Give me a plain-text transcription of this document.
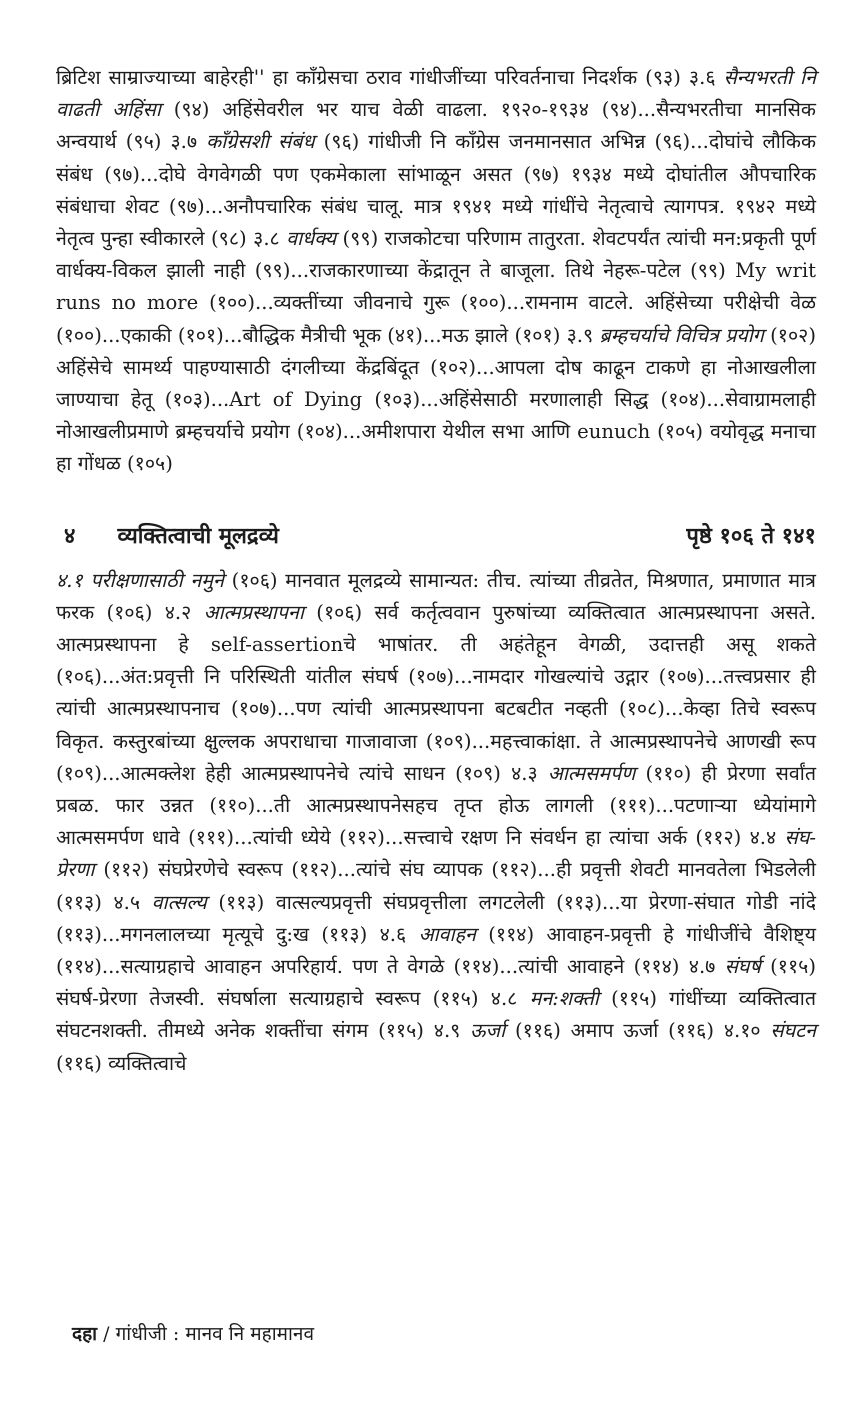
ब्रिटिश साम्राज्याच्या बाहेरही'' हा काँग्रेसचा ठराव गांधीजींच्या परिवर्तनाचा निदर्शक (९३) ३.६ सैन्यभरती नि वाढती अहिंसा (९४) अहिंसेवरील भर याच वेळी वाढला. १९२०-१९३४ (९४)...सैन्यभरतीचा मानसिक अन्वयार्थ (९५) ३.७ काँग्रेसशी संबंध (९६) गांधीजी नि काँग्रेस जनमानसात अभिन्न (९६)...दोघांचे लौकिक संबंध (९७)...दोघे वेगवेगळी पण एकमेकाला सांभाळून असत (९७) १९३४ मध्ये दोघांतील औपचारिक संबंधाचा शेवट (९७)...अनौपचारिक संबंध चालू. मात्र १९४१ मध्ये गांधींचे नेतृत्वाचे त्यागपत्र. १९४२ मध्ये नेतृत्व पुन्हा स्वीकारले (९८) ३.८ वार्धक्य (९९) राजकोटचा परिणाम तातुरता. शेवटपर्यंत त्यांची मन:प्रकृती पूर्ण वार्धक्य-विकल झाली नाही (९९)...राजकारणाच्या केंद्रातून ते बाजूला. तिथे नेहरू-पटेल (९९) My writ runs no more (१००)...व्यक्तींच्या जीवनाचे गुरू (१००)...रामनाम वाटले. अहिंसेच्या परीक्षेची वेळ (१००)...एकाकी (१०१)...बौद्धिक मैत्रीची भूक (४१)...मऊ झाले (१०१) ३.९ ब्रम्हचर्याचे विचित्र प्रयोग (१०२) अहिंसेचे सामर्थ्य पाहण्यासाठी दंगलीच्या केंद्रबिंदूत (१०२)...आपला दोष काढून टाकणे हा नोआखलीला जाण्याचा हेतू (१०३)...Art of Dying (१०३)...अहिंसेसाठी मरणालाही सिद्ध (१०४)...सेवाग्रामलाही नोआखलीप्रमाणे ब्रम्हचर्याचे प्रयोग (१०४)...अमीशपारा येथील सभा आणि eunuch (१०५) वयोवृद्ध मनाचा हा गोंधळ (१०५)

४ व्यक्तित्वाची मूलद्रव्ये	पृष्ठे १०६ ते १४१

४.१ परीक्षणासाठी नमुने (१०६) मानवात मूलद्रव्ये सामान्यत: तीच. त्यांच्या तीव्रतेत, मिश्रणात, प्रमाणात मात्र फरक (१०६) ४.२ आत्मप्रस्थापना (१०६) सर्व कर्तृत्ववान पुरुषांच्या व्यक्तित्वात आत्मप्रस्थापना असते. आत्मप्रस्थापना हे self-assertionचे भाषांतर. ती अहंतेहून वेगळी, उदात्तही असू शकते (१०६)...अंत:प्रवृत्ती नि परिस्थिती यांतील संघर्ष (१०७)...नामदार गोखल्यांचे उद्गार (१०७)...तत्त्वप्रसार ही त्यांची आत्मप्रस्थापनाच (१०७)...पण त्यांची आत्मप्रस्थापना बटबटीत नव्हती (१०८)...केव्हा तिचे स्वरूप विकृत. कस्तुरबांच्या क्षुल्लक अपराधाचा गाजावाजा (१०९)...महत्त्वाकांक्षा. ते आत्मप्रस्थापनेचे आणखी रूप (१०९)...आत्मक्लेश हेही आत्मप्रस्थापनेचे त्यांचे साधन (१०९) ४.३ आत्मसमर्पण (११०) ही प्रेरणा सर्वांत प्रबळ. फार उन्नत (११०)...ती आत्मप्रस्थापनेसहच तृप्त होऊ लागली (१११)...पटणाऱ्या ध्येयांमागे आत्मसमर्पण धावे (१११)...त्यांची ध्येये (११२)...सत्त्वाचे रक्षण नि संवर्धन हा त्यांचा अर्क (११२) ४.४ संघ-प्रेरणा (११२) संघप्रेरणेचे स्वरूप (११२)...त्यांचे संघ व्यापक (११२)...ही प्रवृत्ती शेवटी मानवतेला भिडलेली (११३) ४.५ वात्सल्य (११३) वात्सल्यप्रवृत्ती संघप्रवृत्तीला लगटलेली (११३)...या प्रेरणा-संघात गोडी नांदे (११३)...मगनलालच्या मृत्यूचे दु:ख (११३) ४.६ आवाहन (११४) आवाहन-प्रवृत्ती हे गांधीजींचे वैशिष्ट्य (११४)...सत्याग्रहाचे आवाहन अपरिहार्य. पण ते वेगळे (११४)...त्यांची आवाहने (११४) ४.७ संघर्ष (११५) संघर्ष-प्रेरणा तेजस्वी. संघर्षाला सत्याग्रहाचे स्वरूप (११५) ४.८ मन:शक्ती (११५) गांधींच्या व्यक्तित्वात संघटनशक्ती. तीमध्ये अनेक शक्तींचा संगम (११५) ४.९ ऊर्जा (११६) अमाप ऊर्जा (११६) ४.१० संघटन (११६) व्यक्तित्वाचे

दहा / गांधीजी : मानव नि महामानव
